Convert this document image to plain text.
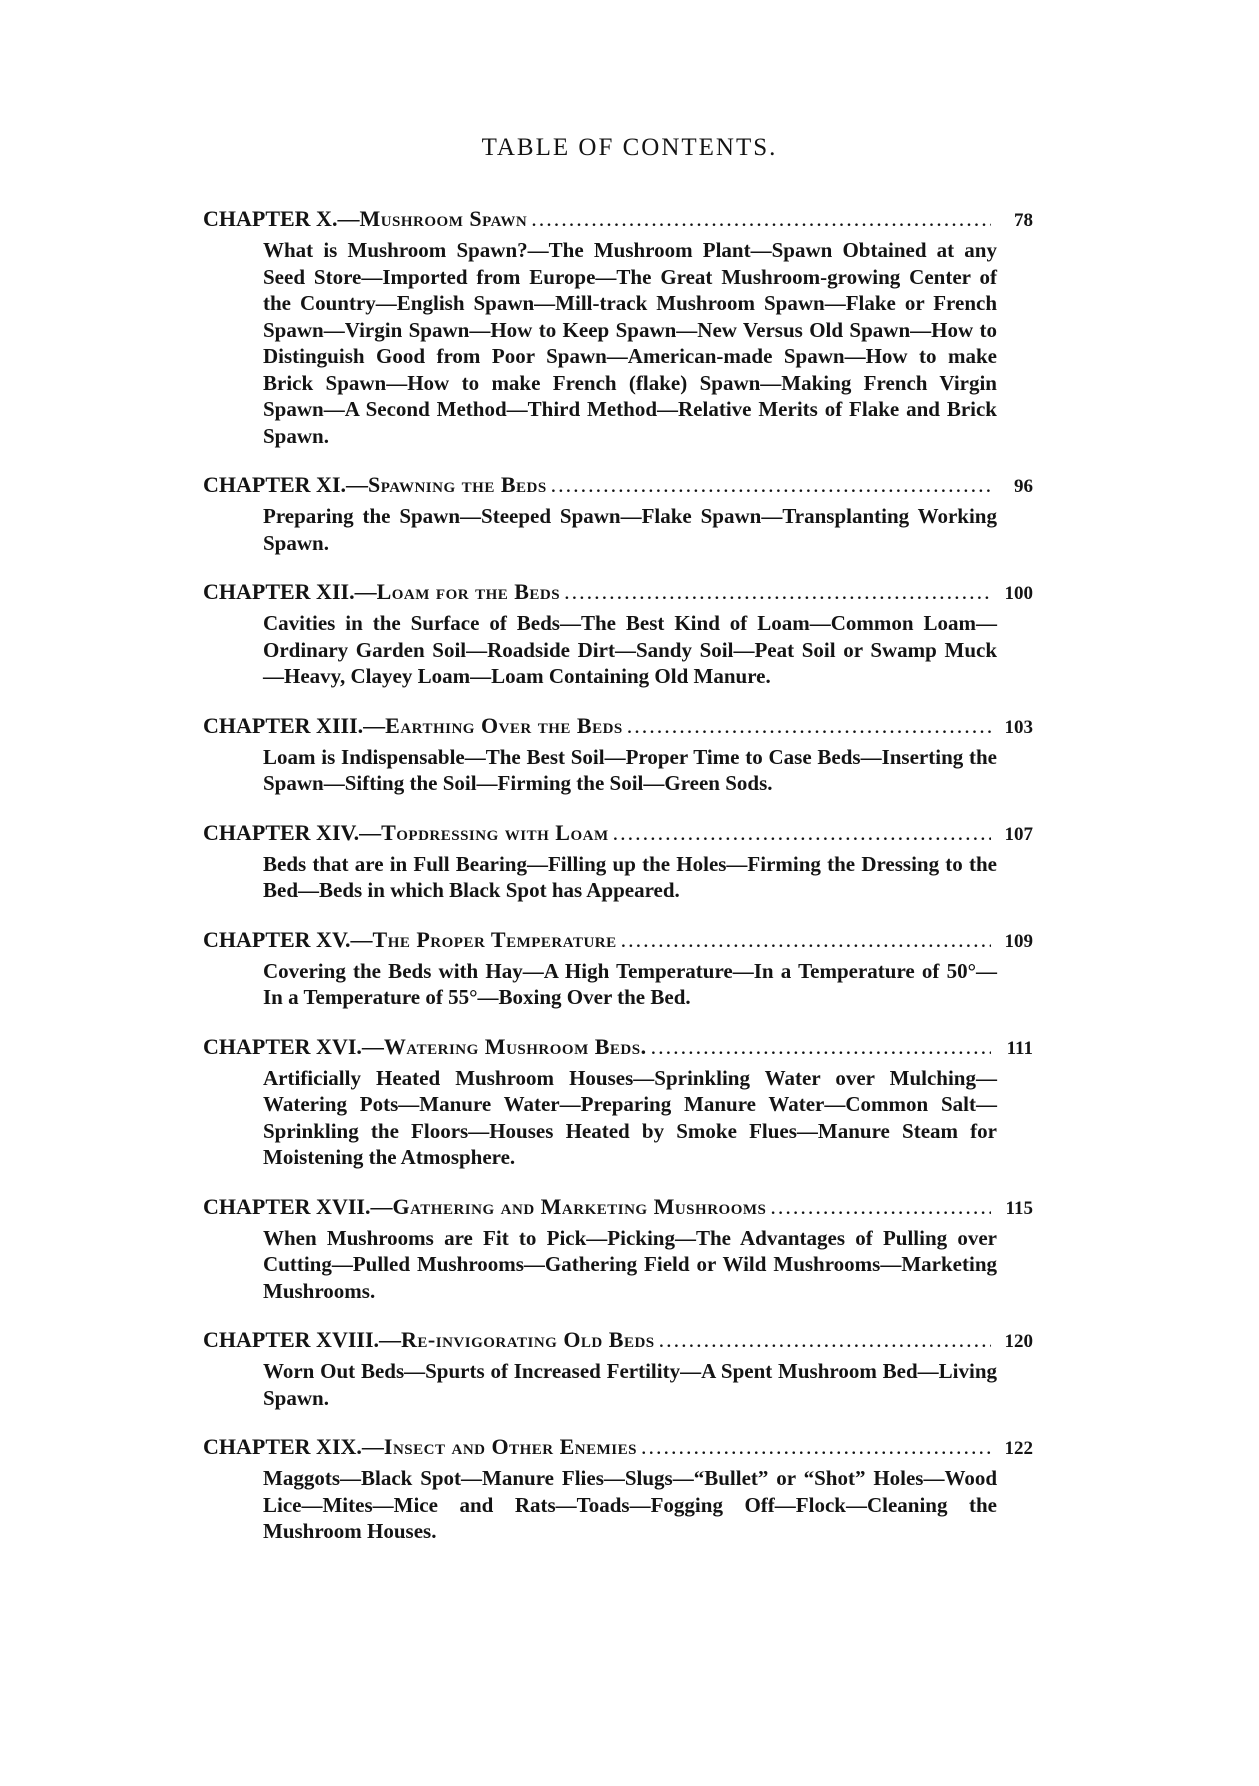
TABLE OF CONTENTS.
CHAPTER X. — Mushroom Spawn .....	78
What is Mushroom Spawn?—The Mushroom Plant—Spawn Obtained at any Seed Store—Imported from Europe—The Great Mushroom-growing Center of the Country—English Spawn—Mill-track Mushroom Spawn—Flake or French Spawn—Virgin Spawn—How to Keep Spawn—New Versus Old Spawn—How to Distinguish Good from Poor Spawn—American-made Spawn—How to make Brick Spawn—How to make French (flake) Spawn—Making French Virgin Spawn—A Second Method—Third Method—Relative Merits of Flake and Brick Spawn.
CHAPTER XI. — Spawning the Beds .....	96
Preparing the Spawn—Steeped Spawn—Flake Spawn—Transplanting Working Spawn.
CHAPTER XII. — Loam for the Beds .....	100
Cavities in the Surface of Beds—The Best Kind of Loam—Common Loam—Ordinary Garden Soil—Roadside Dirt—Sandy Soil—Peat Soil or Swamp Muck—Heavy, Clayey Loam—Loam Containing Old Manure.
CHAPTER XIII. — Earthing Over the Beds .....	103
Loam is Indispensable—The Best Soil—Proper Time to Case Beds—Inserting the Spawn—Sifting the Soil—Firming the Soil—Green Sods.
CHAPTER XIV. — Topdressing with Loam .....	107
Beds that are in Full Bearing—Filling up the Holes—Firming the Dressing to the Bed—Beds in which Black Spot has Appeared.
CHAPTER XV. — The Proper Temperature .....	109
Covering the Beds with Hay—A High Temperature—In a Temperature of 50°—In a Temperature of 55°—Boxing Over the Bed.
CHAPTER XVI. — Watering Mushroom Beds. .....	111
Artificially Heated Mushroom Houses—Sprinkling Water over Mulching—Watering Pots—Manure Water—Preparing Manure Water—Common Salt—Sprinkling the Floors—Houses Heated by Smoke Flues—Manure Steam for Moistening the Atmosphere.
CHAPTER XVII. — Gathering and Marketing Mushrooms .....	115
When Mushrooms are Fit to Pick—Picking—The Advantages of Pulling over Cutting—Pulled Mushrooms—Gathering Field or Wild Mushrooms—Marketing Mushrooms.
CHAPTER XVIII. — Re-invigorating Old Beds .....	120
Worn Out Beds—Spurts of Increased Fertility—A Spent Mushroom Bed—Living Spawn.
CHAPTER XIX. — Insect and Other Enemies .....	122
Maggots—Black Spot—Manure Flies—Slugs—“Bullet” or “Shot” Holes—Wood Lice—Mites—Mice and Rats—Toads—Fogging Off—Flock—Cleaning the Mushroom Houses.
